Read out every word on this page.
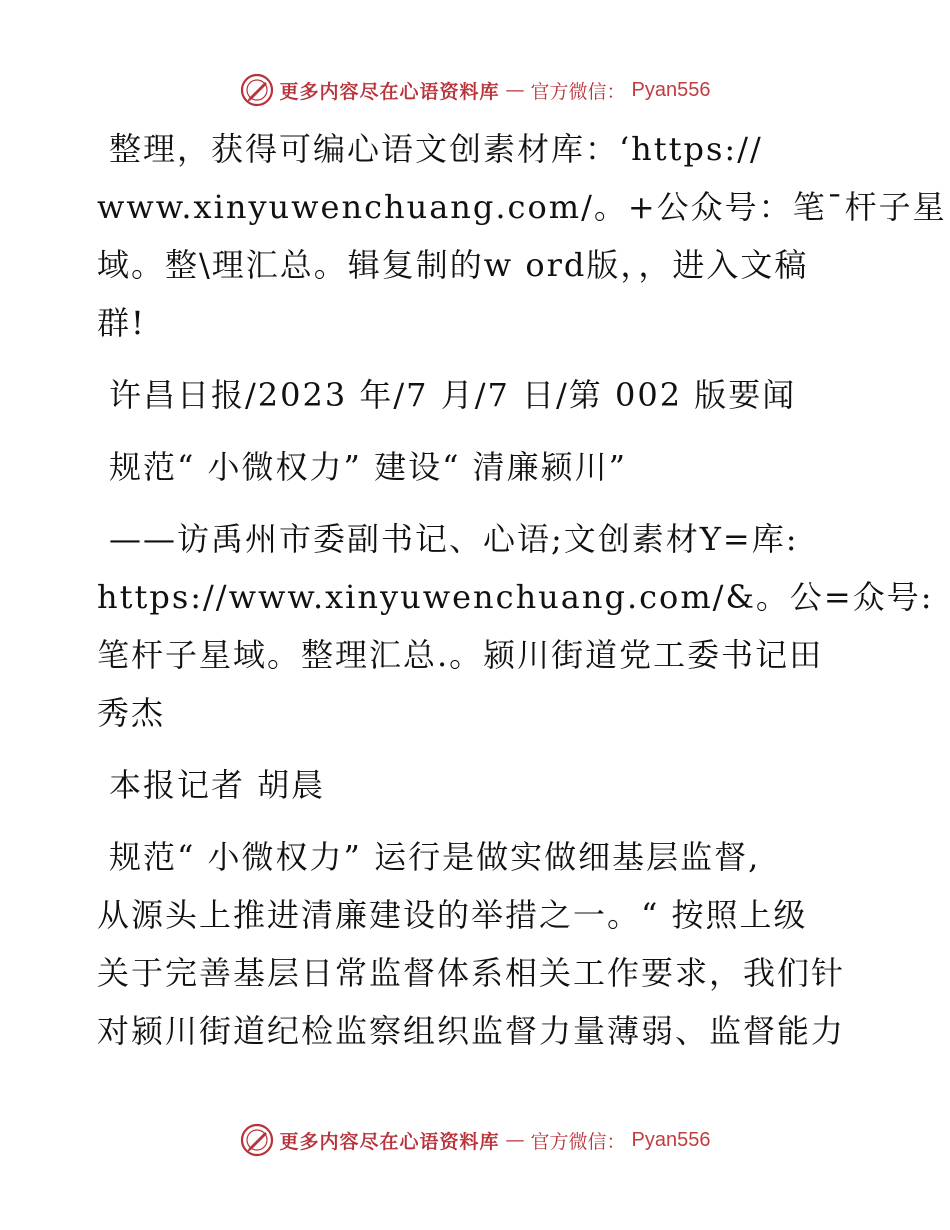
更多内容尽在心语资料库 — 官方微信： Pyan556
整理，获得可编心语文创素材库：‘https://
www.xinyuwenchuang.com/。+公众号：笔¯杆子星
域。整\理汇总。辑复制的w ord版，，进入文稿
群!
许昌日报/2023 年/7 月/7 日/第 002 版要闻
规范“ 小微权力” 建设“ 清廉颍川”
——访禹州市委副书记、心语;文创素材Y=库:
https://www.xinyuwenchuang.com/&。公=众号:
笔杆子星域。整理汇总.。颍川街道党工委书记田
秀杰
本报记者 胡晨
规范“ 小微权力” 运行是做实做细基层监督,
从源头上推进清廉建设的举措之一。“ 按照上级
关于完善基层日常监督体系相关工作要求，我们针
对颍川街道纪检监察组织监督力量薄弱、监督能力
更多内容尽在心语资料库 — 官方微信： Pyan556
